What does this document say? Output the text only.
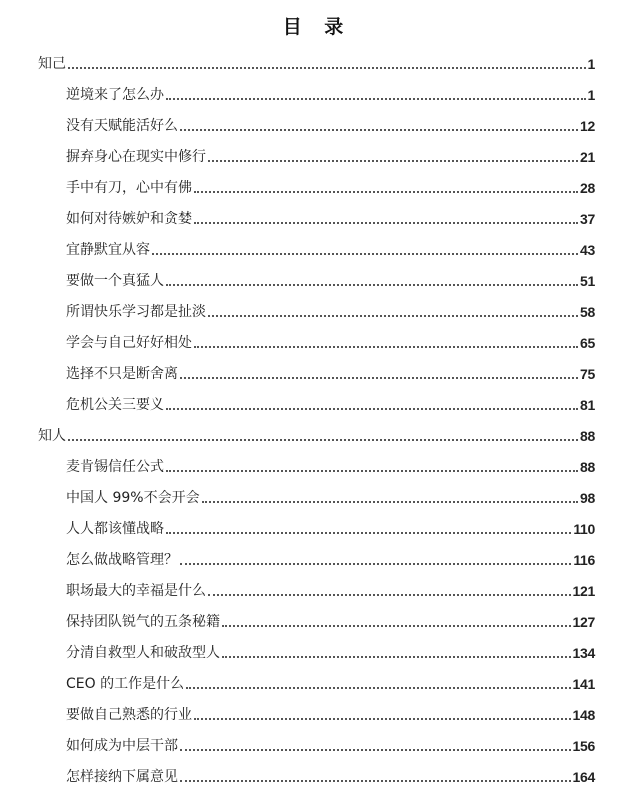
目 录
知己	1
逆境来了怎么办	1
没有天赋能活好么	12
摒弃身心在现实中修行	21
手中有刀，心中有佛	28
如何对待嫉妒和贪婪	37
宜静默宜从容	43
要做一个真猛人	51
所谓快乐学习都是扯淡	58
学会与自己好好相处	65
选择不只是断舍离	75
危机公关三要义	81
知人	88
麦肯锡信任公式	88
中国人 99%不会开会	98
人人都该懂战略	110
怎么做战略管理？	116
职场最大的幸福是什么	121
保持团队锐气的五条秘籍	127
分清自救型人和破敌型人	134
CEO 的工作是什么	141
要做自己熟悉的行业	148
如何成为中层干部	156
怎样接纳下属意见	164
